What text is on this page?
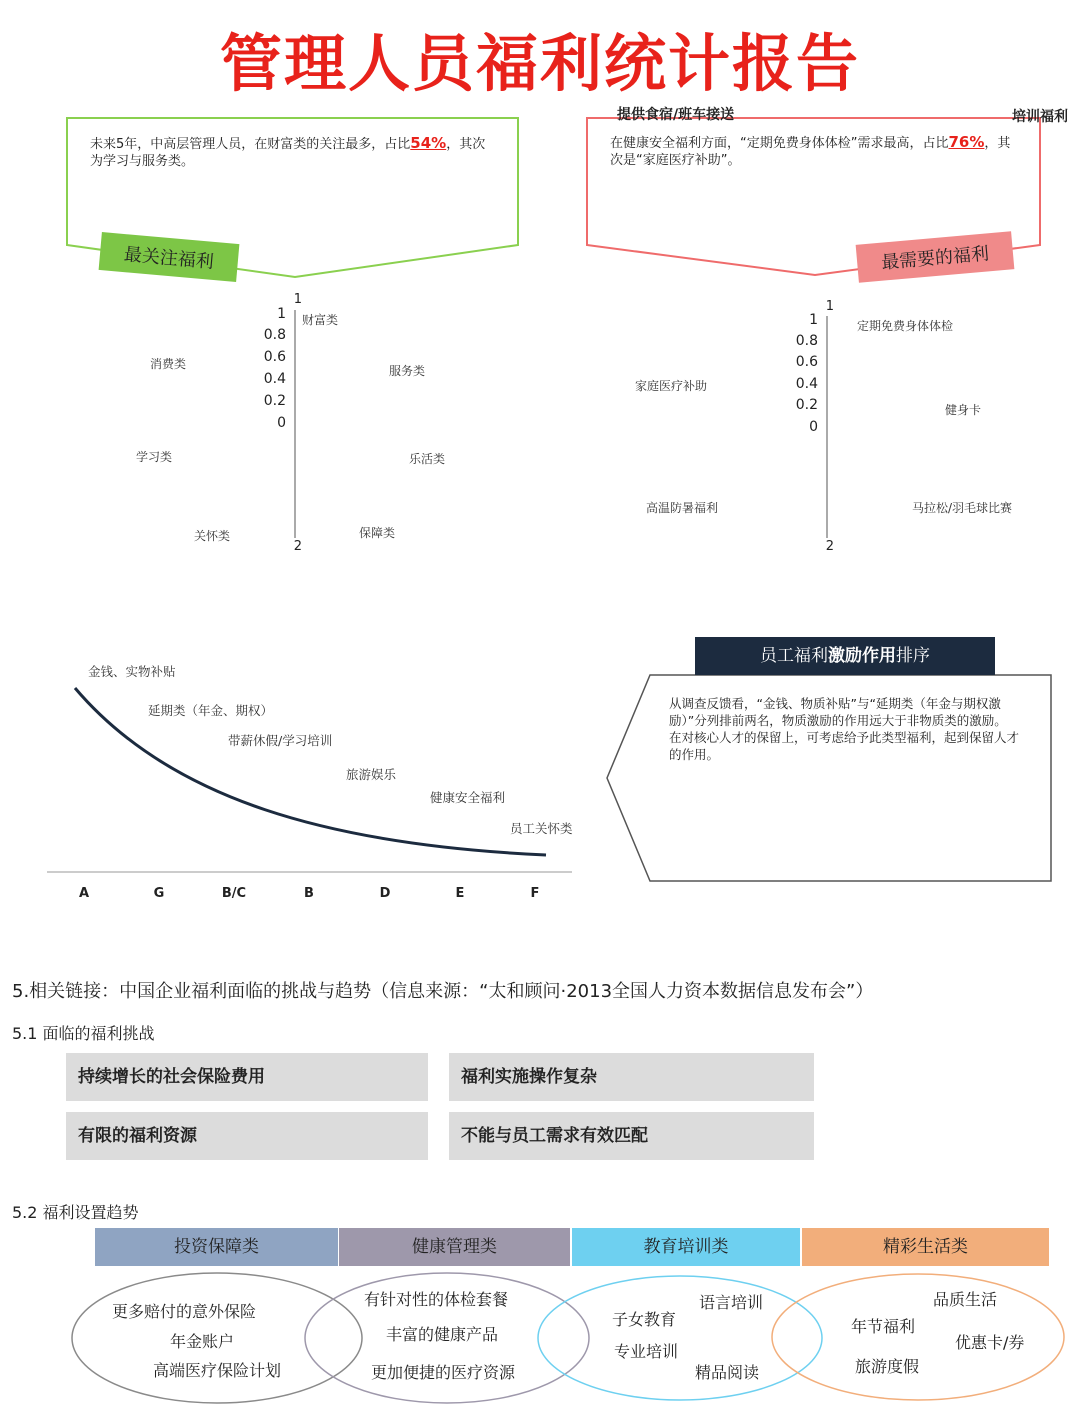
管理人员福利统计报告
未来5年，中高层管理人员，在财富类的关注最多，占比54%，其次为学习与服务类。
最关注福利
1
1
0.8
0.6
0.4
0.2
0
2
财富类
服务类
乐活类
保障类
关怀类
学习类
消费类
提供食宿/班车接送	培训福利
在健康安全福利方面，“定期免费身体体检”需求最高，占比76%，其次是“家庭医疗补助”。
最需要的福利
1
1
0.8
0.6
0.4
0.2
0
2
定期免费身体体检
健身卡
马拉松/羽毛球比赛
高温防暑福利
家庭医疗补助
金钱、实物补贴
延期类（年金、期权）
带薪休假/学习培训
旅游娱乐
健康安全福利
员工关怀类
A	G	B/C	B	D	E	F
员工福利激励作用排序
从调查反馈看，“金钱、物质补贴”与“延期类（年金与期权激励）”分列排前两名，物质激励的作用远大于非物质类的激励。在对核心人才的保留上，可考虑给予此类型福利，起到保留人才的作用。
5.相关链接：中国企业福利面临的挑战与趋势（信息来源：“太和顾问·2013全国人力资本数据信息发布会”）
5.1 面临的福利挑战
持续增长的社会保险费用	福利实施操作复杂
有限的福利资源	不能与员工需求有效匹配
5.2 福利设置趋势
投资保障类	健康管理类	教育培训类	精彩生活类
更多赔付的意外保险
年金账户
高端医疗保险计划
有针对性的体检套餐
丰富的健康产品
更加便捷的医疗资源
语言培训
子女教育
专业培训
精品阅读
品质生活
年节福利
优惠卡/券
旅游度假
